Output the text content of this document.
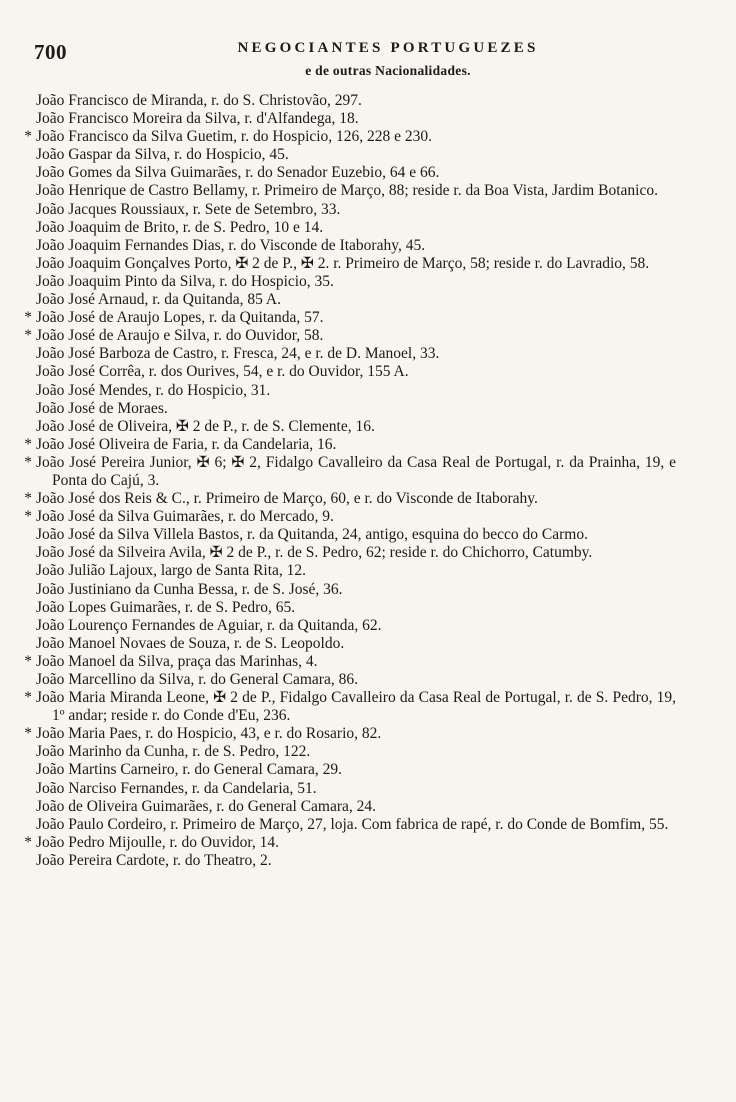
700	NEGOCIANTES PORTUGUEZES
e de outras Nacionalidades.
João Francisco de Miranda, r. do S. Christovão, 297.
João Francisco Moreira da Silva, r. d'Alfandega, 18.
* João Francisco da Silva Guetim, r. do Hospicio, 126, 228 e 230.
João Gaspar da Silva, r. do Hospicio, 45.
João Gomes da Silva Guimarães, r. do Senador Euzebio, 64 e 66.
João Henrique de Castro Bellamy, r. Primeiro de Março, 88; reside r. da Boa Vista, Jardim Botanico.
João Jacques Roussiaux, r. Sete de Setembro, 33.
João Joaquim de Brito, r. de S. Pedro, 10 e 14.
João Joaquim Fernandes Dias, r. do Visconde de Itaborahy, 45.
João Joaquim Gonçalves Porto, ✠ 2 de P., ✠ 2. r. Primeiro de Março, 58; reside r. do Lavradio, 58.
João Joaquim Pinto da Silva, r. do Hospicio, 35.
João José Arnaud, r. da Quitanda, 85 A.
* João José de Araujo Lopes, r. da Quitanda, 57.
* João José de Araujo e Silva, r. do Ouvidor, 58.
João José Barboza de Castro, r. Fresca, 24, e r. de D. Manoel, 33.
João José Corrêa, r. dos Ourives, 54, e r. do Ouvidor, 155 A.
João José Mendes, r. do Hospicio, 31.
João José de Moraes.
João José de Oliveira, ✠ 2 de P., r. de S. Clemente, 16.
* João José Oliveira de Faria, r. da Candelaria, 16.
* João José Pereira Junior, ✠ 6; ✠ 2, Fidalgo Cavalleiro da Casa Real de Portugal, r. da Prainha, 19, e Ponta do Cajú, 3.
* João José dos Reis & C., r. Primeiro de Março, 60, e r. do Visconde de Itaborahy.
* João José da Silva Guimarães, r. do Mercado, 9.
João José da Silva Villela Bastos, r. da Quitanda, 24, antigo, esquina do becco do Carmo.
João José da Silveira Avila, ✠ 2 de P., r. de S. Pedro, 62; reside r. do Chichorro, Catumby.
João Julião Lajoux, largo de Santa Rita, 12.
João Justiniano da Cunha Bessa, r. de S. José, 36.
João Lopes Guimarães, r. de S. Pedro, 65.
João Lourenço Fernandes de Aguiar, r. da Quitanda, 62.
João Manoel Novaes de Souza, r. de S. Leopoldo.
* João Manoel da Silva, praça das Marinhas, 4.
João Marcellino da Silva, r. do General Camara, 86.
* João Maria Miranda Leone, ✠ 2 de P., Fidalgo Cavalleiro da Casa Real de Portugal, r. de S. Pedro, 19, 1º andar; reside r. do Conde d'Eu, 236.
* João Maria Paes, r. do Hospicio, 43, e r. do Rosario, 82.
João Marinho da Cunha, r. de S. Pedro, 122.
João Martins Carneiro, r. do General Camara, 29.
João Narciso Fernandes, r. da Candelaria, 51.
João de Oliveira Guimarães, r. do General Camara, 24.
João Paulo Cordeiro, r. Primeiro de Março, 27, loja. Com fabrica de rapé, r. do Conde de Bomfim, 55.
* João Pedro Mijoulle, r. do Ouvidor, 14.
João Pereira Cardote, r. do Theatro, 2.
